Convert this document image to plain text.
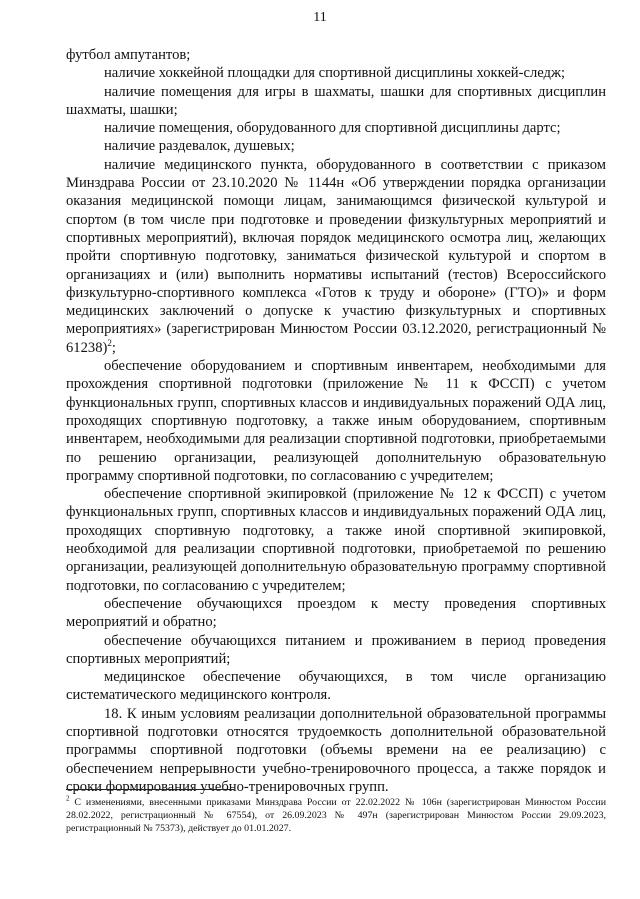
11

футбол ампутантов;

наличие хоккейной площадки для спортивной дисциплины хоккей-следж;

наличие помещения для игры в шахматы, шашки для спортивных дисциплин шахматы, шашки;

наличие помещения, оборудованного для спортивной дисциплины дартс;

наличие раздевалок, душевых;

наличие медицинского пункта, оборудованного в соответствии с приказом Минздрава России от 23.10.2020 № 1144н «Об утверждении порядка организации оказания медицинской помощи лицам, занимающимся физической культурой и спортом (в том числе при подготовке и проведении физкультурных мероприятий и спортивных мероприятий), включая порядок медицинского осмотра лиц, желающих пройти спортивную подготовку, заниматься физической культурой и спортом в организациях и (или) выполнить нормативы испытаний (тестов) Всероссийского физкультурно-спортивного комплекса «Готов к труду и обороне» (ГТО)» и форм медицинских заключений о допуске к участию физкультурных и спортивных мероприятиях» (зарегистрирован Минюстом России 03.12.2020, регистрационный № 61238)$^2$;

обеспечение оборудованием и спортивным инвентарем, необходимыми для прохождения спортивной подготовки (приложение № 11 к ФССП) с учетом функциональных групп, спортивных классов и индивидуальных поражений ОДА лиц, проходящих спортивную подготовку, а также иным оборудованием, спортивным инвентарем, необходимыми для реализации спортивной подготовки, приобретаемыми по решению организации, реализующей дополнительную образовательную программу спортивной подготовки, по согласованию с учредителем;

обеспечение спортивной экипировкой (приложение № 12 к ФССП) с учетом функциональных групп, спортивных классов и индивидуальных поражений ОДА лиц, проходящих спортивную подготовку, а также иной спортивной экипировкой, необходимой для реализации спортивной подготовки, приобретаемой по решению организации, реализующей дополнительную образовательную программу спортивной подготовки, по согласованию с учредителем;

обеспечение обучающихся проездом к месту проведения спортивных мероприятий и обратно;

обеспечение обучающихся питанием и проживанием в период проведения спортивных мероприятий;

медицинское обеспечение обучающихся, в том числе организацию систематического медицинского контроля.

18. К иным условиям реализации дополнительной образовательной программы спортивной подготовки относятся трудоемкость дополнительной образовательной программы спортивной подготовки (объемы времени на ее реализацию) с обеспечением непрерывности учебно-тренировочного процесса, а также порядок и сроки формирования учебно-тренировочных групп.

$^2$ С изменениями, внесенными приказами Минздрава России от 22.02.2022 № 106н (зарегистрирован Минюстом России 28.02.2022, регистрационный № 67554), от 26.09.2023 № 497н (зарегистрирован Минюстом России 29.09.2023, регистрационный № 75373), действует до 01.01.2027.
